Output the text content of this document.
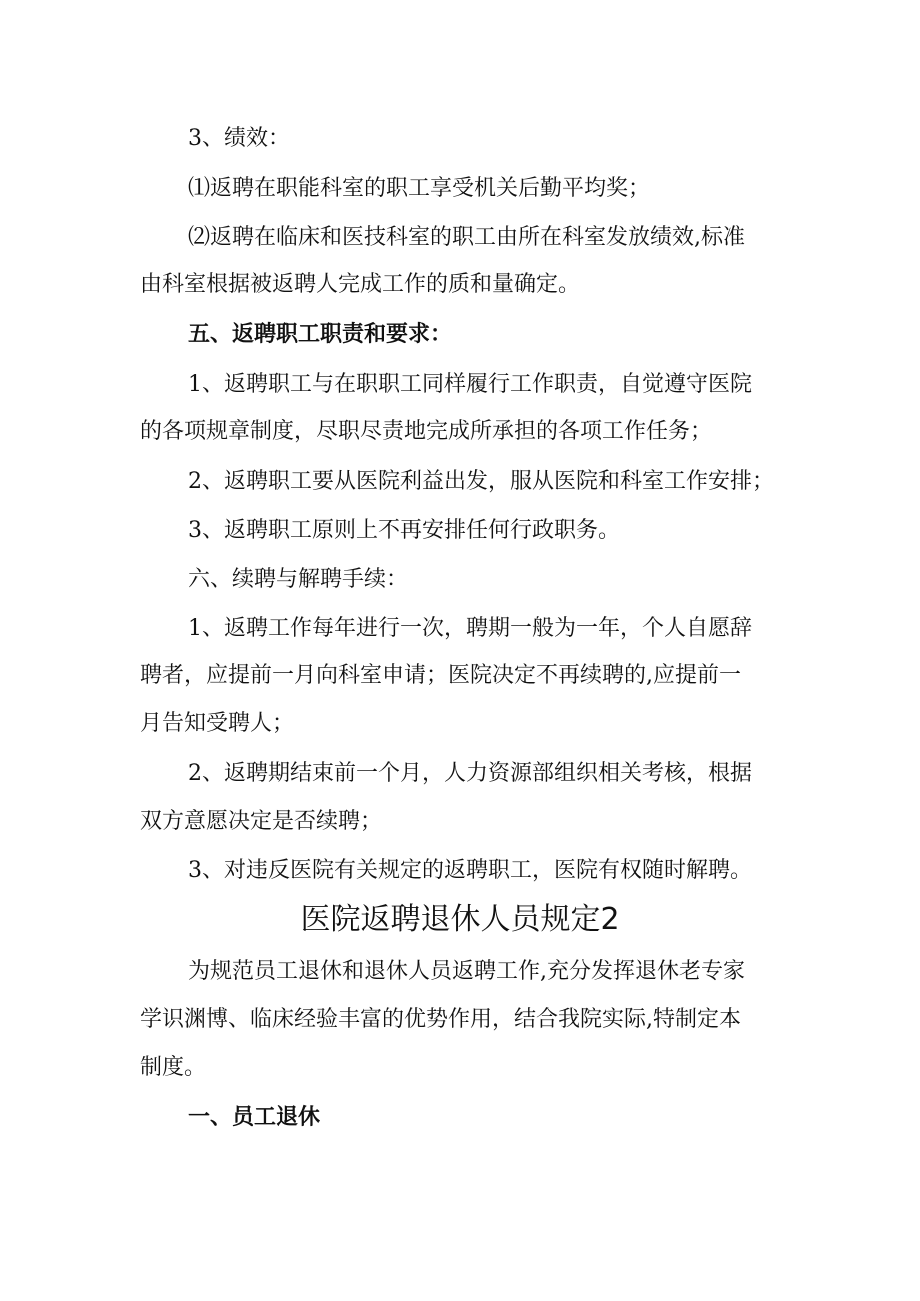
3、绩效：
⑴返聘在职能科室的职工享受机关后勤平均奖；
⑵返聘在临床和医技科室的职工由所在科室发放绩效,标准
由科室根据被返聘人完成工作的质和量确定。
五、返聘职工职责和要求：
1、返聘职工与在职职工同样履行工作职责，自觉遵守医院
的各项规章制度，尽职尽责地完成所承担的各项工作任务；
2、返聘职工要从医院利益出发，服从医院和科室工作安排；
3、返聘职工原则上不再安排任何行政职务。
六、续聘与解聘手续：
1、返聘工作每年进行一次，聘期一般为一年，个人自愿辞
聘者，应提前一月向科室申请；医院决定不再续聘的,应提前一
月告知受聘人；
2、返聘期结束前一个月，人力资源部组织相关考核，根据
双方意愿决定是否续聘；
3、对违反医院有关规定的返聘职工，医院有权随时解聘。
医院返聘退休人员规定2
为规范员工退休和退休人员返聘工作,充分发挥退休老专家
学识渊博、临床经验丰富的优势作用，结合我院实际,特制定本
制度。
一、员工退休
